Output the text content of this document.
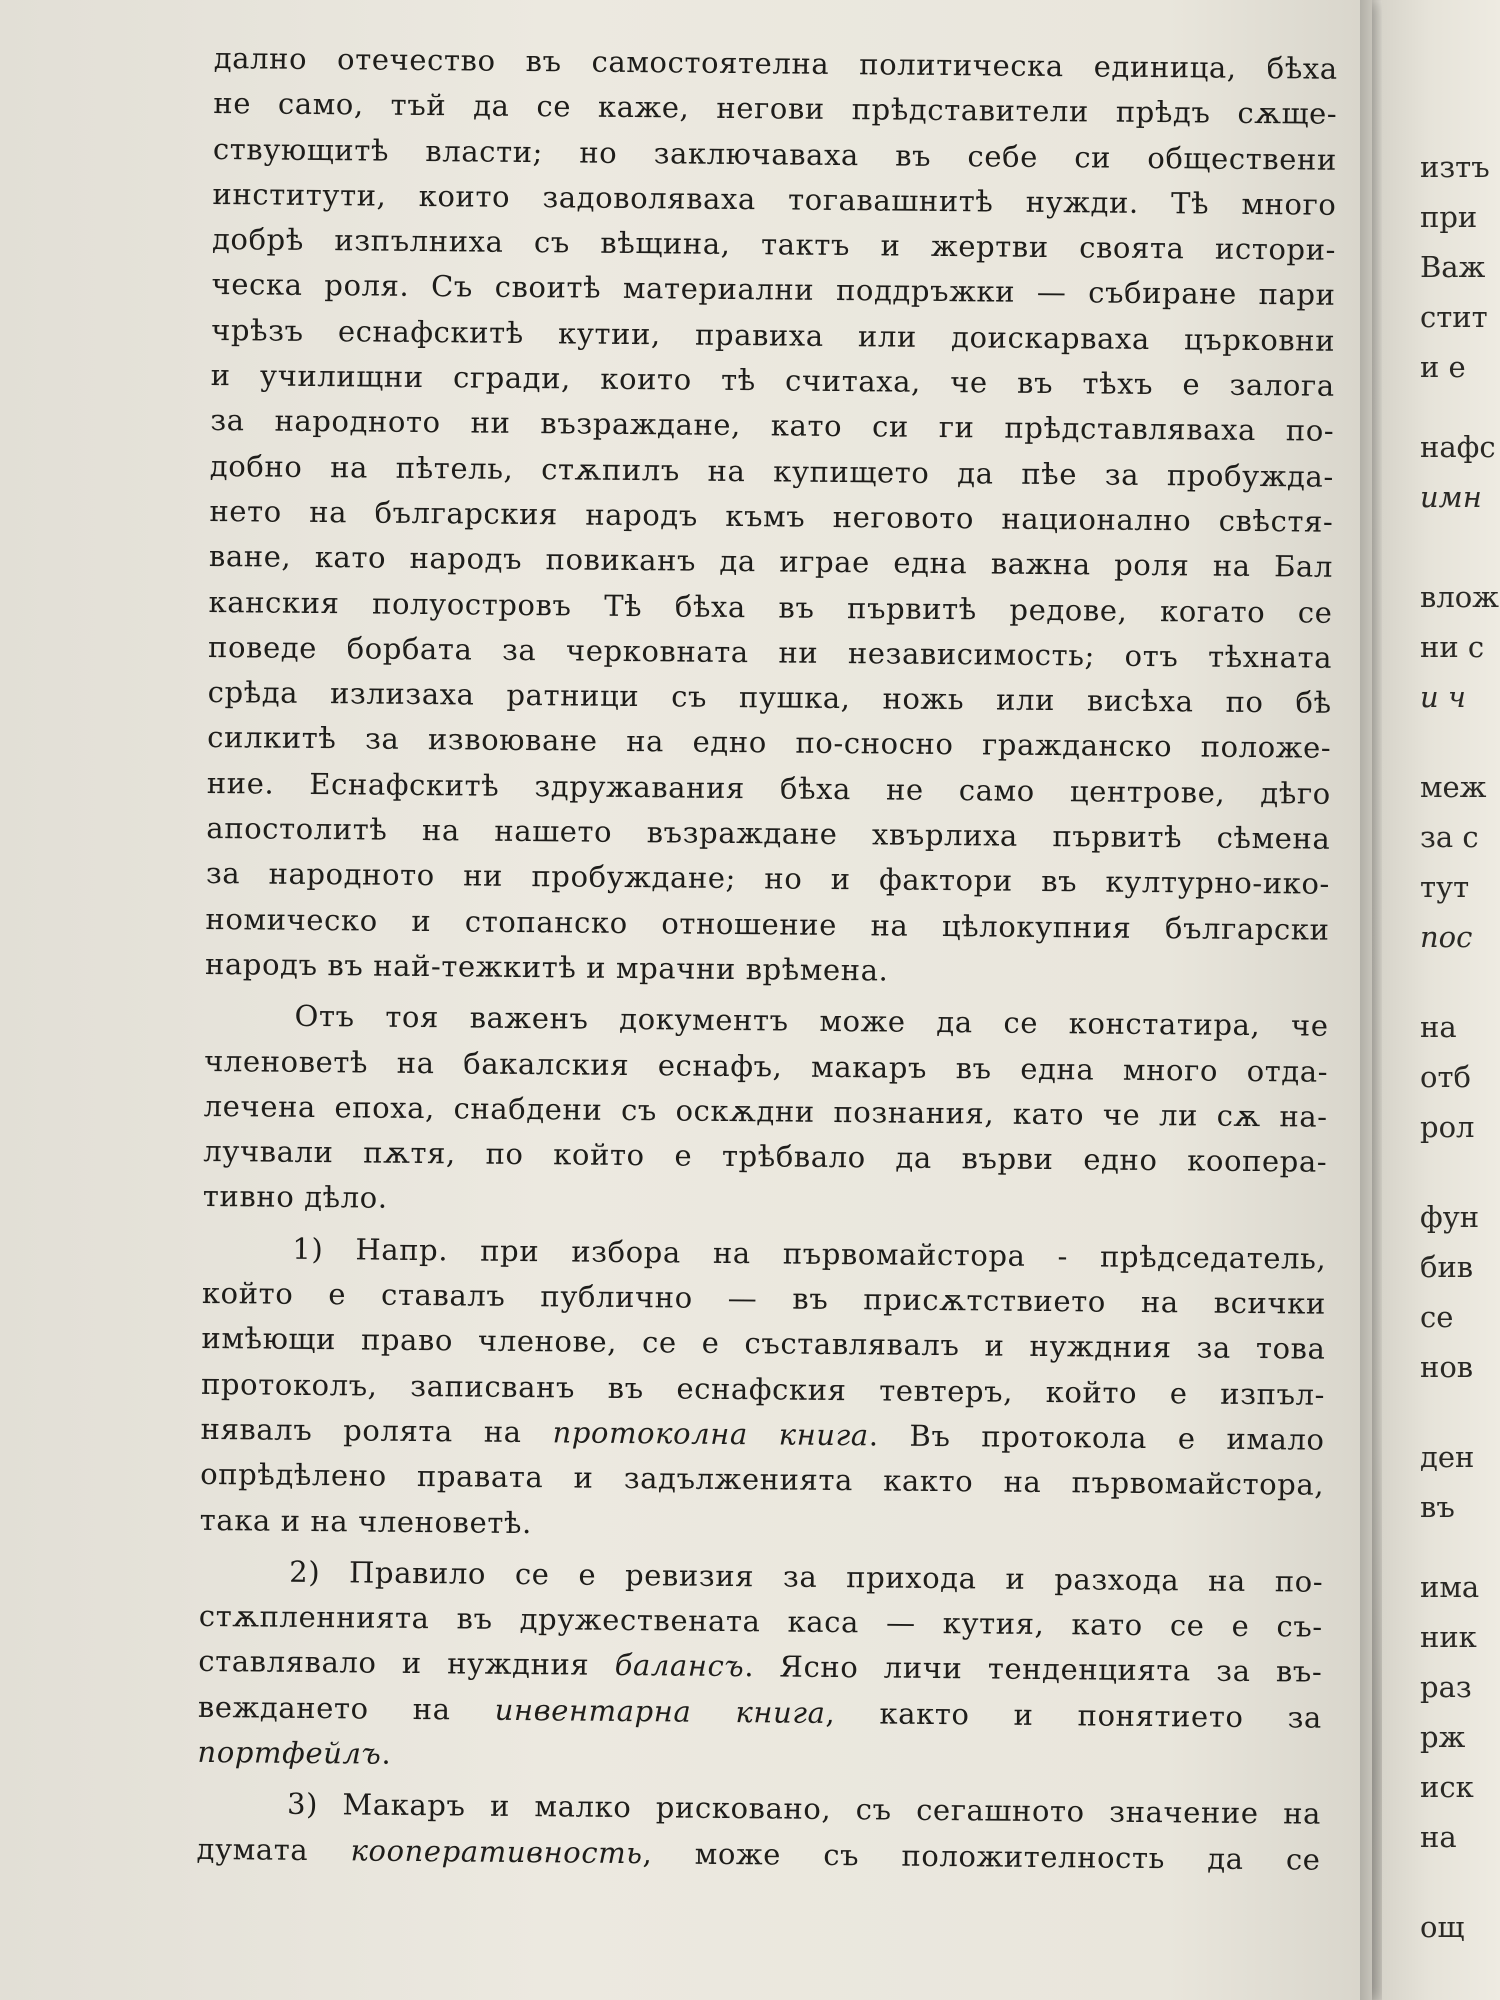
дално отечество въ самостоятелна политическа единица, бѣха
не само, тъй да се каже, негови прѣдставители прѣдъ сѫще-
ствующитѣ власти; но заключаваха въ себе си обществени
институти, които задоволяваха тогавашнитѣ нужди. Тѣ много
добрѣ изпълниха съ вѣщина, тактъ и жертви своята истори-
ческа роля. Съ своитѣ материални поддръжки — събиране пари
чрѣзъ еснафскитѣ кутии, правиха или доискарваха църковни
и училищни сгради, които тѣ считаха, че въ тѣхъ е залога
за народното ни възраждане, като си ги прѣдставляваха по-
добно на пѣтель, стѫпилъ на купището да пѣе за пробужда-
нето на българския народъ къмъ неговото национално свѣстя-
ване, като народъ повиканъ да играе една важна роля на Бал
канския полуостровъ Тѣ бѣха въ първитѣ редове, когато се
поведе борбата за черковната ни независимость; отъ тѣхната
срѣда излизаха ратници съ пушка, ножь или висѣха по бѣ
силкитѣ за извоюване на едно по-сносно гражданско положе-
ние. Еснафскитѣ здружавания бѣха не само центрове, дѣго
апостолитѣ на нашето възраждане хвърлиха първитѣ сѣмена
за народното ни пробуждане; но и фактори въ културно-ико-
номическо и стопанско отношение на цѣлокупния български
народъ въ най-тежкитѣ и мрачни врѣмена.
Отъ тоя важенъ документъ може да се констатира, че
членоветѣ на бакалския еснафъ, макаръ въ една много отда-
лечена епоха, снабдени съ оскѫдни познания, като че ли сѫ на-
лучвали пѫтя, по който е трѣбвало да върви едно коопера-
тивно дѣло.
1) Напр. при избора на първомайстора - прѣдседатель,
който е ставалъ публично — въ присѫтствието на всички
имѣющи право членове, се е съставлявалъ и нуждния за това
протоколъ, записванъ въ еснафския тевтеръ, който е изпъл-
нявалъ ролята на протоколна книга. Въ протокола е имало
опрѣдѣлено правата и задълженията както на първомайстора,
така и на членоветѣ.
2) Правило се е ревизия за прихода и разхода на по-
стѫпленнията въ дружествената каса — кутия, като се е съ-
ставлявало и нуждния балансъ. Ясно личи тенденцията за въ-
веждането на инвентарна книга, както и понятието за
портфейлъ.
3) Макаръ и малко рисковано, съ сегашното значение на
думата кооперативность, може съ положителность да се
изтъ
при
Важ
стит
и е
нафс
имн
влож
ни с
и ч
меж
за с
тут
пос
на
отб
рол
фун
бив
се
нов
ден
въ
има
ник
раз
рж
иск
на
ощ
